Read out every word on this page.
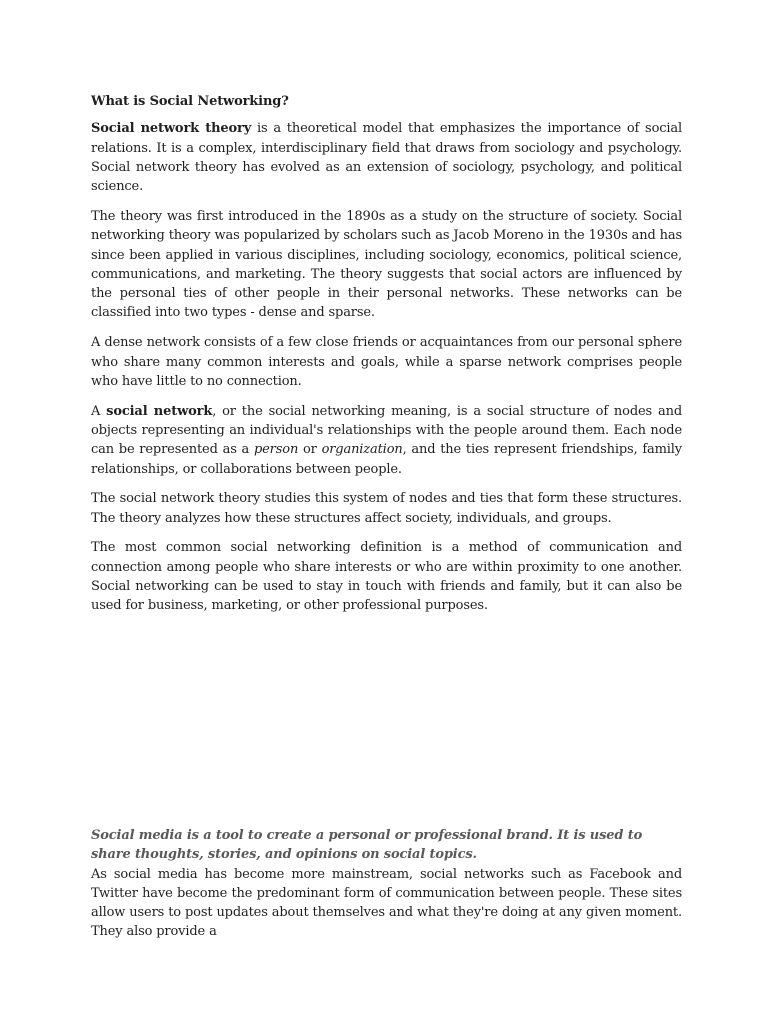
What is Social Networking?

Social network theory is a theoretical model that emphasizes the importance of social relations. It is a complex, interdisciplinary field that draws from sociology and psychology. Social network theory has evolved as an extension of sociology, psychology, and political science.

The theory was first introduced in the 1890s as a study on the structure of society. Social networking theory was popularized by scholars such as Jacob Moreno in the 1930s and has since been applied in various disciplines, including sociology, economics, political science, communications, and marketing. The theory suggests that social actors are influenced by the personal ties of other people in their personal networks. These networks can be classified into two types - dense and sparse.

A dense network consists of a few close friends or acquaintances from our personal sphere who share many common interests and goals, while a sparse network comprises people who have little to no connection.

A social network, or the social networking meaning, is a social structure of nodes and objects representing an individual's relationships with the people around them. Each node can be represented as a person or organization, and the ties represent friendships, family relationships, or collaborations between people.

The social network theory studies this system of nodes and ties that form these structures. The theory analyzes how these structures affect society, individuals, and groups.

The most common social networking definition is a method of communication and connection among people who share interests or who are within proximity to one another. Social networking can be used to stay in touch with friends and family, but it can also be used for business, marketing, or other professional purposes.

Social media is a tool to create a personal or professional brand. It is used to share thoughts, stories, and opinions on social topics.

As social media has become more mainstream, social networks such as Facebook and Twitter have become the predominant form of communication between people. These sites allow users to post updates about themselves and what they're doing at any given moment. They also provide a
